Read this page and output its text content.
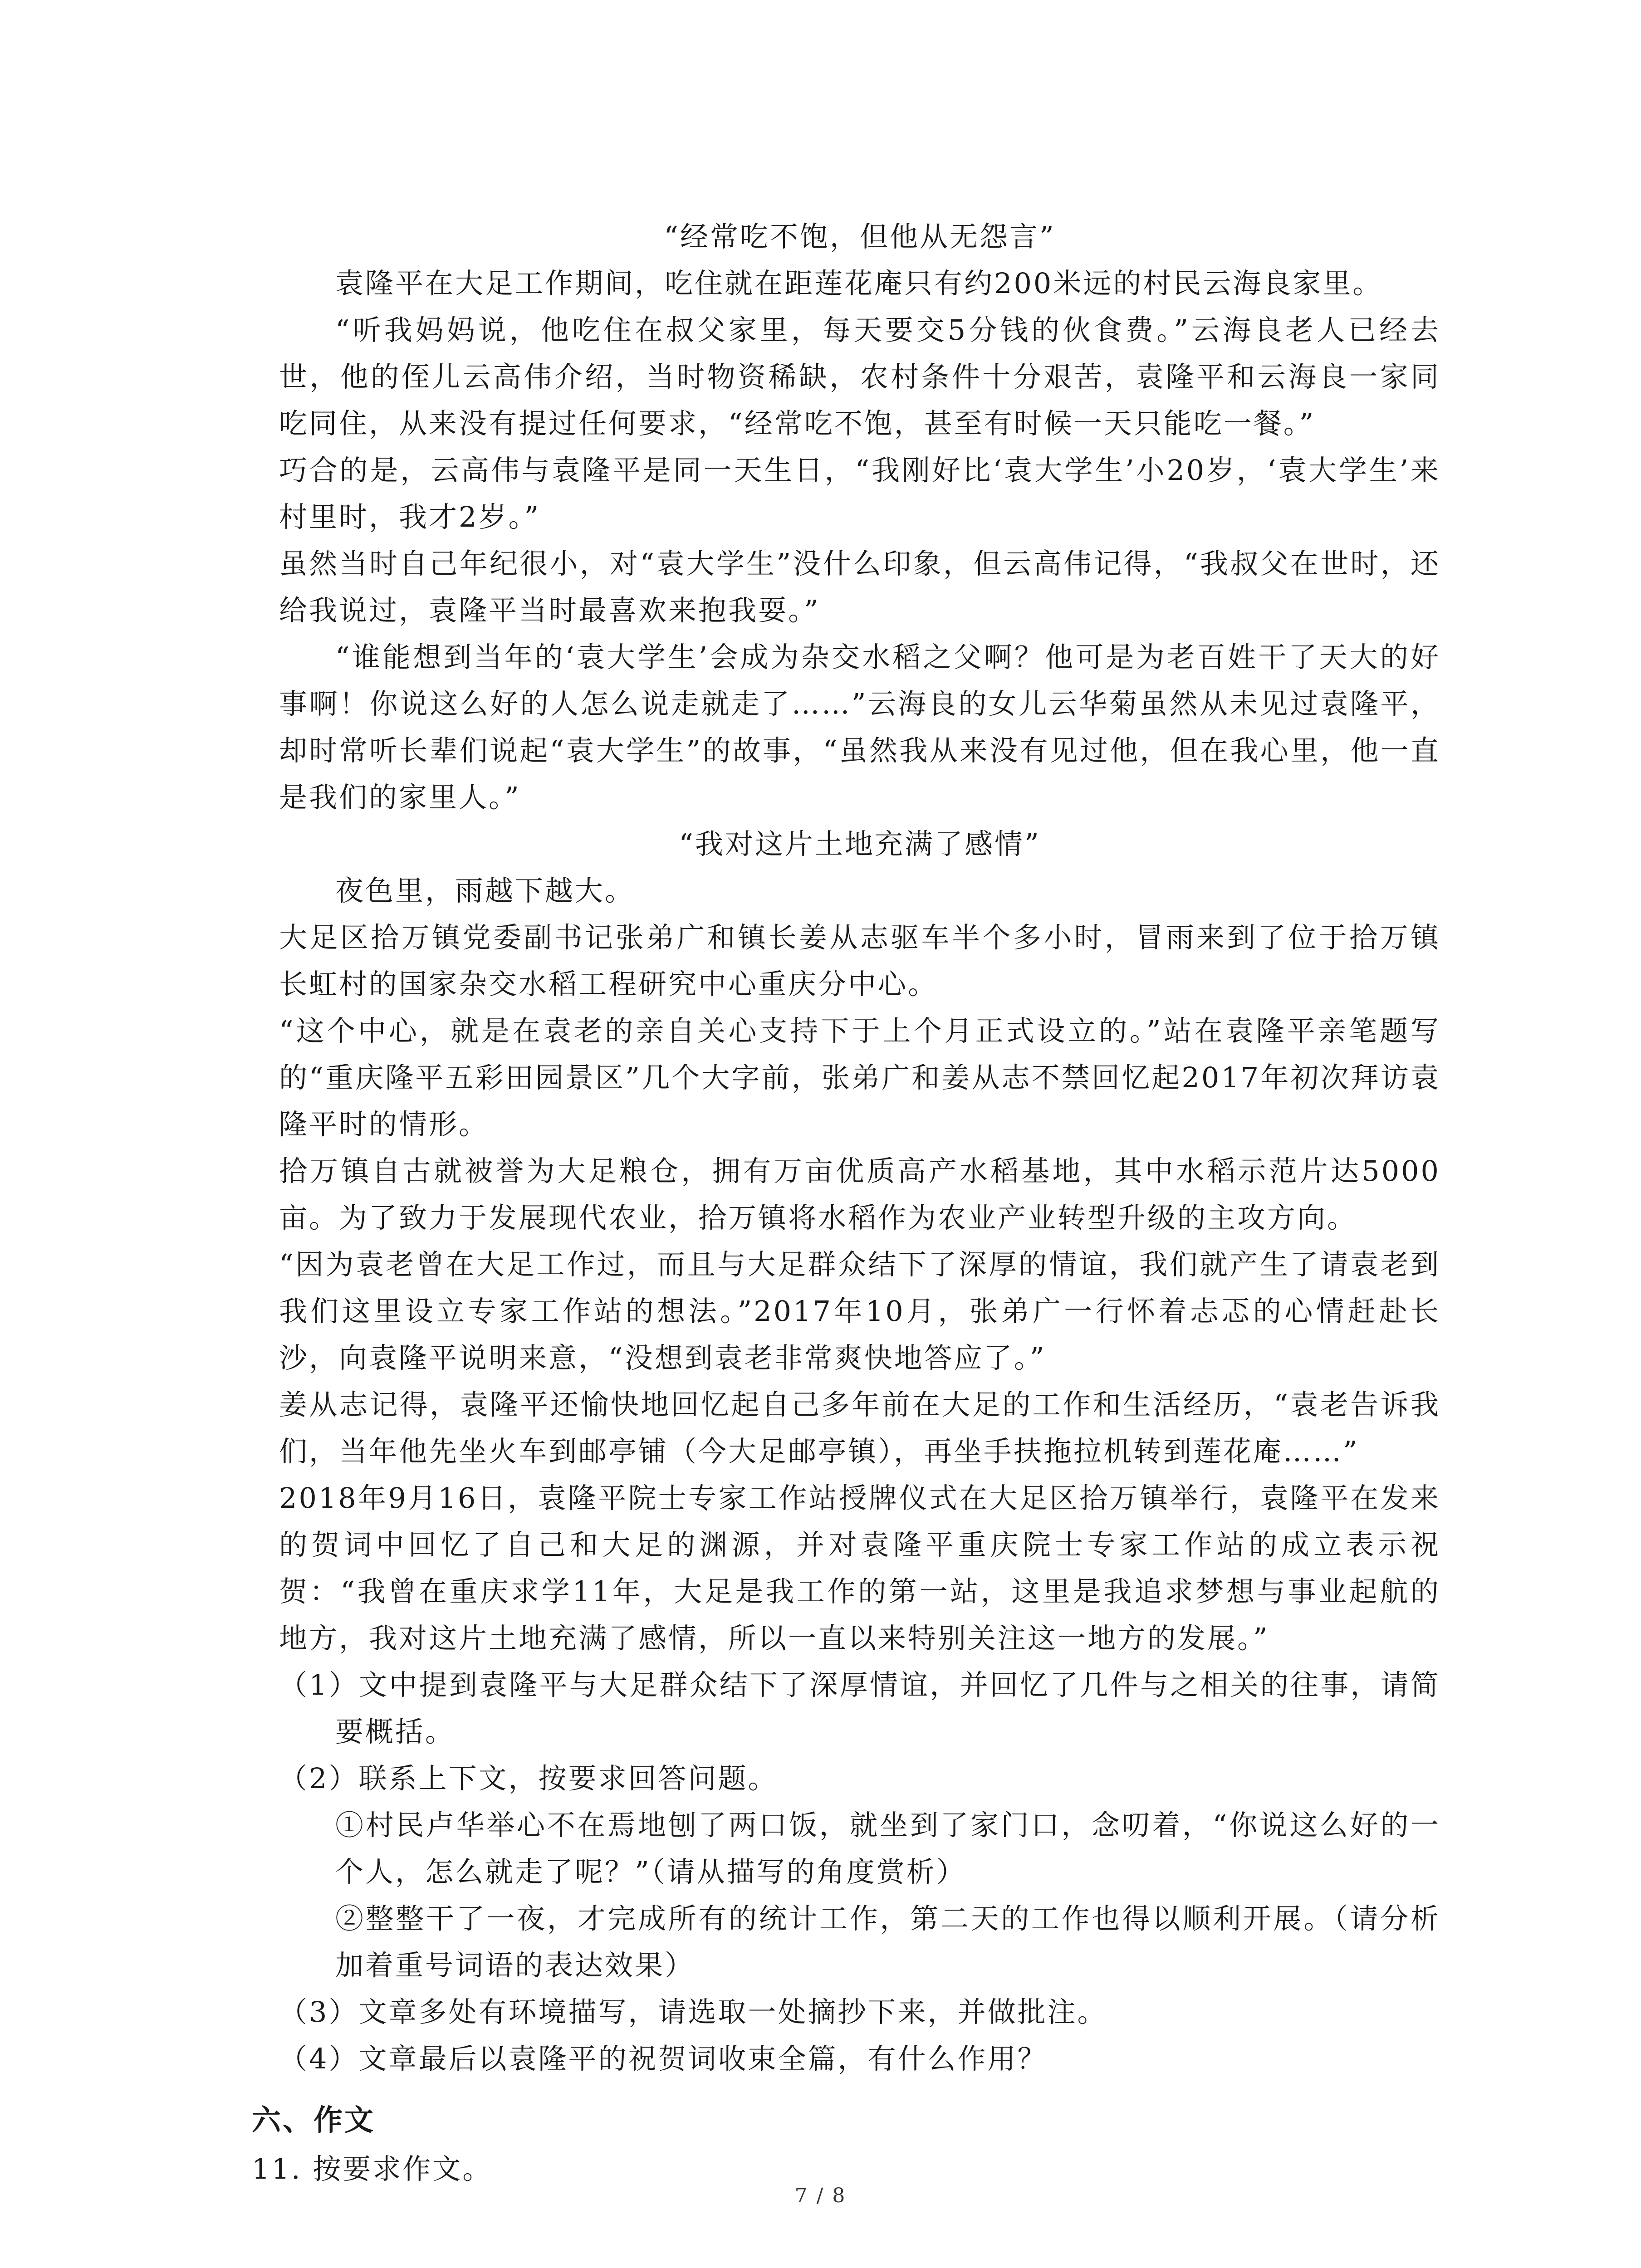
“经常吃不饱，但他从无怨言”

袁隆平在大足工作期间，吃住就在距莲花庵只有约200米远的村民云海良家里。

“听我妈妈说，他吃住在叔父家里，每天要交5分钱的伙食费。”云海良老人已经去世，他的侄儿云高伟介绍，当时物资稀缺，农村条件十分艰苦，袁隆平和云海良一家同吃同住，从来没有提过任何要求，“经常吃不饱，甚至有时候一天只能吃一餐。”

巧合的是，云高伟与袁隆平是同一天生日，“我刚好比‘袁大学生’小20岁，‘袁大学生’来村里时，我才2岁。”

虽然当时自己年纪很小，对“袁大学生”没什么印象，但云高伟记得，“我叔父在世时，还给我说过，袁隆平当时最喜欢来抱我耍。”

“谁能想到当年的‘袁大学生’会成为杂交水稻之父啊？他可是为老百姓干了天大的好事啊！你说这么好的人怎么说走就走了……”云海良的女儿云华菊虽然从未见过袁隆平，却时常听长辈们说起“袁大学生”的故事，“虽然我从来没有见过他，但在我心里，他一直是我们的家里人。”

“我对这片土地充满了感情”

夜色里，雨越下越大。

大足区拾万镇党委副书记张弟广和镇长姜从志驱车半个多小时，冒雨来到了位于拾万镇长虹村的国家杂交水稻工程研究中心重庆分中心。

“这个中心，就是在袁老的亲自关心支持下于上个月正式设立的。”站在袁隆平亲笔题写的“重庆隆平五彩田园景区”几个大字前，张弟广和姜从志不禁回忆起2017年初次拜访袁隆平时的情形。

拾万镇自古就被誉为大足粮仓，拥有万亩优质高产水稻基地，其中水稻示范片达5000亩。为了致力于发展现代农业，拾万镇将水稻作为农业产业转型升级的主攻方向。

“因为袁老曾在大足工作过，而且与大足群众结下了深厚的情谊，我们就产生了请袁老到我们这里设立专家工作站的想法。”2017年10月，张弟广一行怀着忐忑的心情赶赴长沙，向袁隆平说明来意，“没想到袁老非常爽快地答应了。”

姜从志记得，袁隆平还愉快地回忆起自己多年前在大足的工作和生活经历，“袁老告诉我们，当年他先坐火车到邮亭铺（今大足邮亭镇），再坐手扶拖拉机转到莲花庵……”

2018年9月16日，袁隆平院士专家工作站授牌仪式在大足区拾万镇举行，袁隆平在发来的贺词中回忆了自己和大足的渊源，并对袁隆平重庆院士专家工作站的成立表示祝贺：“我曾在重庆求学11年，大足是我工作的第一站，这里是我追求梦想与事业起航的地方，我对这片土地充满了感情，所以一直以来特别关注这一地方的发展。”

（1）文中提到袁隆平与大足群众结下了深厚情谊，并回忆了几件与之相关的往事，请简要概括。

（2）联系上下文，按要求回答问题。

①村民卢华举心不在焉地刨了两口饭，就坐到了家门口，念叨着，“你说这么好的一个人，怎么就走了呢？”（请从描写的角度赏析）

②整整干了一夜，才完成所有的统计工作，第二天的工作也得以顺利开展。（请分析加着重号词语的表达效果）

（3）文章多处有环境描写，请选取一处摘抄下来，并做批注。

（4）文章最后以袁隆平的祝贺词收束全篇，有什么作用？

六、作文

11. 按要求作文。

7 / 8
